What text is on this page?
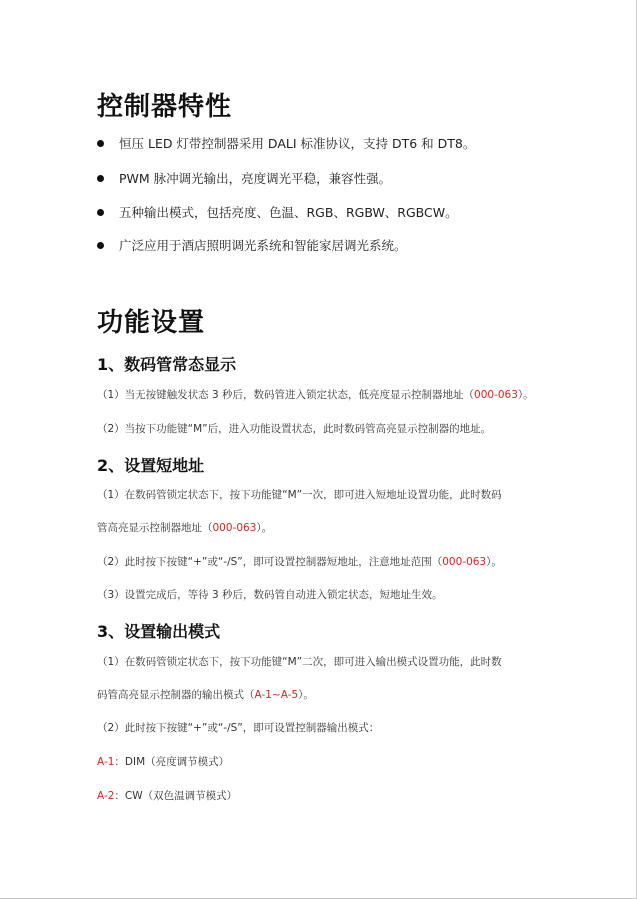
控制器特性
恒压 LED 灯带控制器采用 DALI 标准协议，支持 DT6 和 DT8。
PWM 脉冲调光输出，亮度调光平稳，兼容性强。
五种输出模式，包括亮度、色温、RGB、RGBW、RGBCW。
广泛应用于酒店照明调光系统和智能家居调光系统。
功能设置
1、数码管常态显示
（1）当无按键触发状态 3 秒后，数码管进入锁定状态，低亮度显示控制器地址（000-063）。
（2）当按下功能键“M”后，进入功能设置状态，此时数码管高亮显示控制器的地址。
2、设置短地址
（1）在数码管锁定状态下，按下功能键“M”一次，即可进入短地址设置功能，此时数码
管高亮显示控制器地址（000-063）。
（2）此时按下按键“+”或“-/S”，即可设置控制器短地址，注意地址范围（000-063）。
（3）设置完成后，等待 3 秒后，数码管自动进入锁定状态，短地址生效。
3、设置输出模式
（1）在数码管锁定状态下，按下功能键“M”二次，即可进入输出模式设置功能，此时数
码管高亮显示控制器的输出模式（A-1~A-5）。
（2）此时按下按键“+”或“-/S”，即可设置控制器输出模式：
A-1：DIM（亮度调节模式）
A-2：CW（双色温调节模式）
